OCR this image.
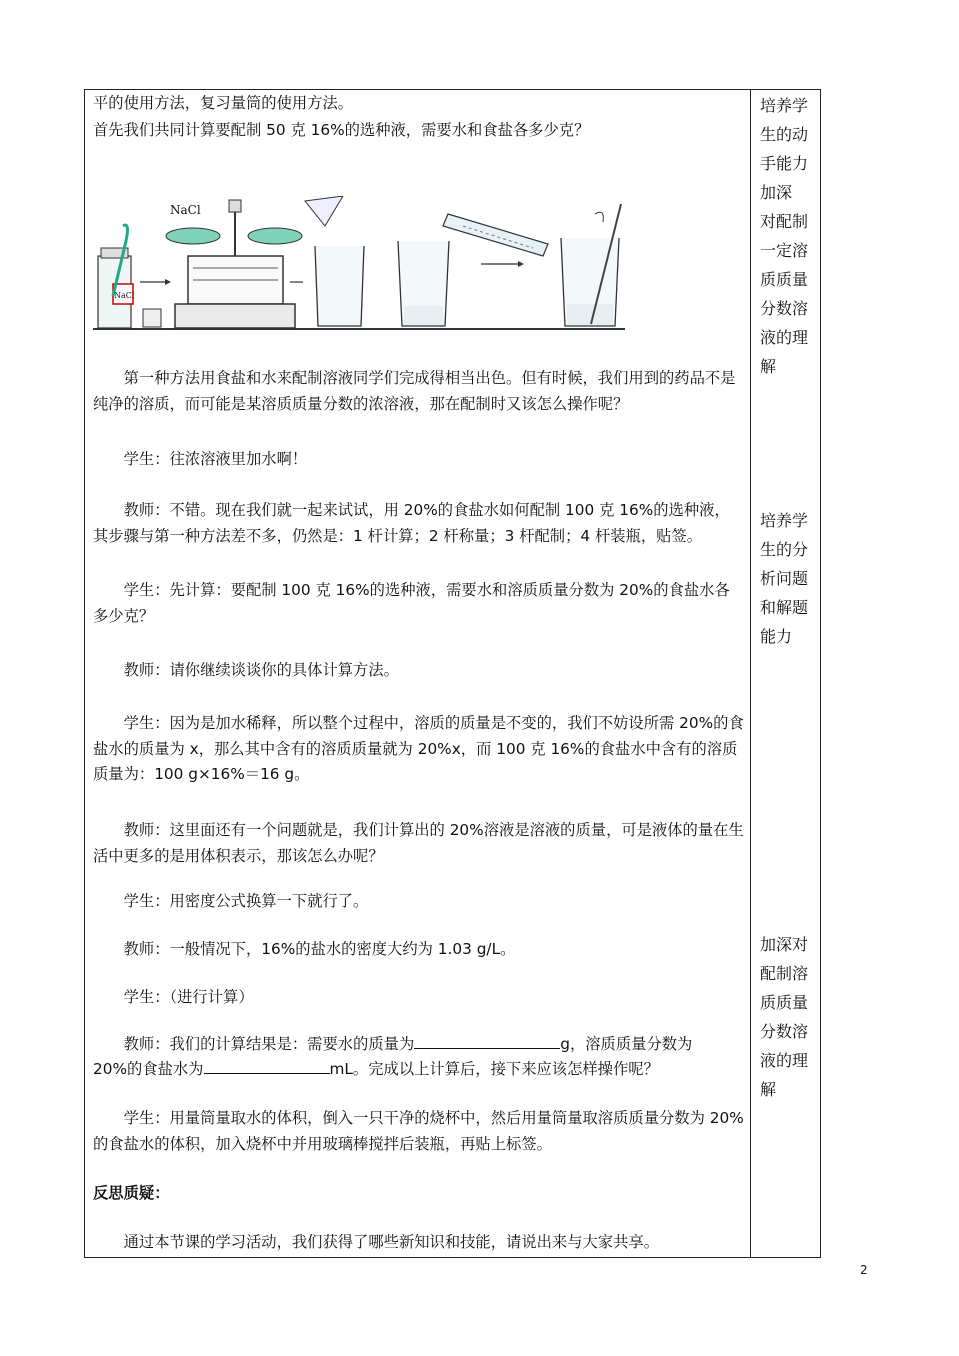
平的使用方法，复习量筒的使用方法。
首先我们共同计算要配制 50 克 16%的选种液，需要水和食盐各多少克？
NaCl
NaCl
第一种方法用食盐和水来配制溶液同学们完成得相当出色。但有时候，我们用到的药品不是纯净的溶质，而可能是某溶质质量分数的浓溶液，那在配制时又该怎么操作呢？
学生：往浓溶液里加水啊！
教师：不错。现在我们就一起来试试，用 20%的食盐水如何配制 100 克 16%的选种液，其步骤与第一种方法差不多，仍然是：1 杆计算；2 杆称量；3 杆配制；4 杆装瓶，贴签。
学生：先计算：要配制 100 克 16%的选种液，需要水和溶质质量分数为 20%的食盐水各多少克？
教师：请你继续谈谈你的具体计算方法。
学生：因为是加水稀释，所以整个过程中，溶质的质量是不变的，我们不妨设所需 20%的食盐水的质量为 x，那么其中含有的溶质质量就为 20%x，而 100 克 16%的食盐水中含有的溶质质量为：100 g×16%＝16 g。
教师：这里面还有一个问题就是，我们计算出的 20%溶液是溶液的质量，可是液体的量在生活中更多的是用体积表示，那该怎么办呢？
学生：用密度公式换算一下就行了。
教师：一般情况下，16%的盐水的密度大约为 1.03 g/L。
学生：（进行计算）
教师：我们的计算结果是：需要水的质量为	g，溶质质量分数为
20%的食盐水为	mL。完成以上计算后，接下来应该怎样操作呢？
学生：用量筒量取水的体积，倒入一只干净的烧杯中，然后用量筒量取溶质质量分数为 20%的食盐水的体积，加入烧杯中并用玻璃棒搅拌后装瓶，再贴上标签。
反思质疑：
通过本节课的学习活动，我们获得了哪些新知识和技能，请说出来与大家共享。
培养学
生的动
手能力
加深
对配制
一定溶
质质量
分数溶
液的理
解
培养学
生的分
析问题
和解题
能力
加深对
配制溶
质质量
分数溶
液的理
解
2
